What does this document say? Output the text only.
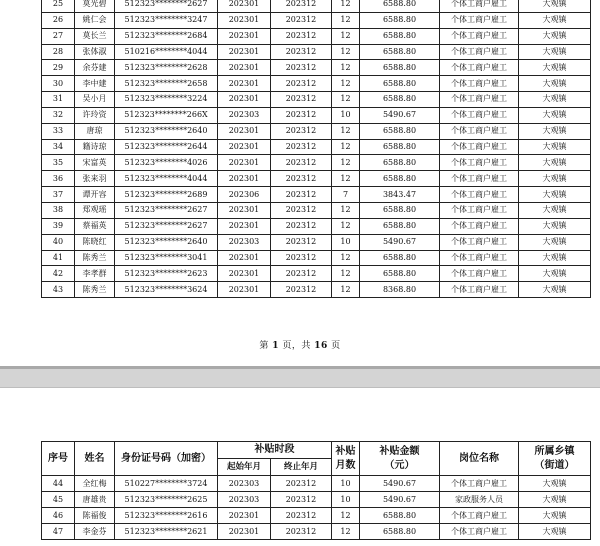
25	莫光碧	512323********2627	202301	202312	12	6588.80	个体工商户雇工	大观镇
26	姚仁会	512323********3247	202301	202312	12	6588.80	个体工商户雇工	大观镇
27	莫长兰	512323********2684	202301	202312	12	6588.80	个体工商户雇工	大观镇
28	张体淑	510216********4044	202301	202312	12	6588.80	个体工商户雇工	大观镇
29	余芬建	512323********2628	202301	202312	12	6588.80	个体工商户雇工	大观镇
30	李中建	512323********2658	202301	202312	12	6588.80	个体工商户雇工	大观镇
31	吴小月	512323********3224	202301	202312	12	6588.80	个体工商户雇工	大观镇
32	许玲资	512323********266X	202303	202312	10	5490.67	个体工商户雇工	大观镇
33	唐琼	512323********2640	202301	202312	12	6588.80	个体工商户雇工	大观镇
34	籍诗琼	512323********2644	202301	202312	12	6588.80	个体工商户雇工	大观镇
35	宋富英	512323********4026	202301	202312	12	6588.80	个体工商户雇工	大观镇
36	张来羽	512323********4044	202301	202312	12	6588.80	个体工商户雇工	大观镇
37	谭开容	512323********2689	202306	202312	7	3843.47	个体工商户雇工	大观镇
38	郑观瑶	512323********2627	202301	202312	12	6588.80	个体工商户雇工	大观镇
39	蔡福英	512323********2627	202301	202312	12	6588.80	个体工商户雇工	大观镇
40	陈晓红	512323********2640	202303	202312	10	5490.67	个体工商户雇工	大观镇
41	陈秀兰	512323********3041	202301	202312	12	6588.80	个体工商户雇工	大观镇
42	李孝群	512323********2623	202301	202312	12	6588.80	个体工商户雇工	大观镇
43	陈秀兰	512323********3624	202301	202312	12	8368.80	个体工商户雇工	大观镇
第 1 页，共 16 页
序号	姓名	身份证号码（加密）	补贴时段		补贴月数	补贴金额（元）	岗位名称	所属乡镇（街道）
			起始年月	终止年月				
44	全红梅	510227********3724	202303	202312	10	5490.67	个体工商户雇工	大观镇
45	唐雄贵	512323********2625	202303	202312	10	5490.67	家政服务人员	大观镇
46	陈福俊	512323********2616	202301	202312	12	6588.80	个体工商户雇工	大观镇
47	李金芬	512323********2621	202301	202312	12	6588.80	个体工商户雇工	大观镇
